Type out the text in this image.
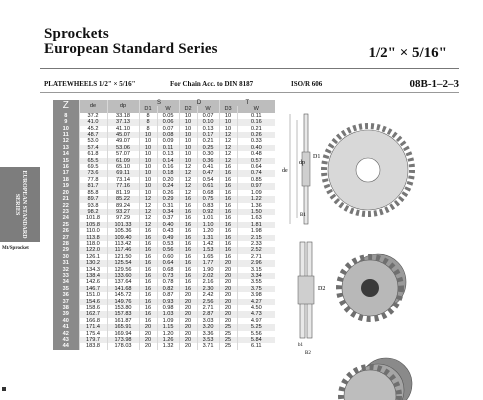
Sprockets
European Standard Series	1/2" × 5/16"
PLATEWHEELS 1/2" × 5/16"	For Chain Acc. to DIN 8187	ISO/R 606	08B-1–2–3
EUROPEAN STANDARD SERIES
Mt/Sprocket
Z	de	dp	S		D		T	
			D1	W	D2	W	D3	W
8	37.2	33.18	8	0.05	10	0.07	10	0.11
9	41.0	37.13	8	0.06	10	0.10	10	0.16
10	45.2	41.10	8	0.07	10	0.13	10	0.21
11	48.7	45.07	10	0.08	10	0.17	12	0.26
12	53.0	49.07	10	0.09	10	0.21	12	0.33
13	57.4	53.06	10	0.11	10	0.25	12	0.40
14	61.8	57.07	10	0.13	10	0.30	12	0.48
15	65.5	61.09	10	0.14	10	0.36	12	0.57
16	69.5	65.10	10	0.16	12	0.41	16	0.64
17	73.6	69.11	10	0.18	12	0.47	16	0.74
18	77.8	73.14	10	0.20	12	0.54	16	0.85
19	81.7	77.16	10	0.24	12	0.61	16	0.97
20	85.8	81.19	10	0.26	12	0.68	16	1.09
21	89.7	85.22	12	0.29	16	0.75	16	1.22
22	93.8	89.24	12	0.31	16	0.83	16	1.36
23	98.2	93.27	12	0.34	16	0.92	16	1.50
24	101.8	97.29	12	0.37	16	1.01	16	1.63
25	105.8	101.33	12	0.40	16	1.10	16	1.81
26	110.0	105.36	16	0.43	16	1.20	16	1.98
27	113.8	109.40	16	0.49	16	1.31	16	2.15
28	118.0	113.42	16	0.53	16	1.42	16	2.33
29	122.0	117.46	16	0.56	16	1.53	16	2.52
30	126.1	121.50	16	0.60	16	1.65	16	2.71
31	130.2	125.54	16	0.64	16	1.77	20	2.96
32	134.3	129.56	16	0.68	16	1.90	20	3.15
33	138.4	133.60	16	0.73	16	2.02	20	3.34
34	142.6	137.64	16	0.78	16	2.16	20	3.55
35	146.7	141.68	16	0.82	16	2.30	20	3.75
36	151.0	145.72	16	0.87	20	2.42	20	3.98
37	154.6	149.76	16	0.93	20	2.56	20	4.27
38	158.6	153.80	16	0.98	20	2.71	20	4.50
39	162.7	157.83	16	1.03	20	2.87	20	4.73
40	166.8	161.87	16	1.09	20	3.03	20	4.97
41	171.4	165.91	20	1.15	20	3.20	25	5.25
42	175.4	169.94	20	1.20	20	3.36	25	5.56
43	179.7	173.98	20	1.26	20	3.53	25	5.84
44	183.8	178.03	20	1.32	20	3.71	25	6.11
de
dp
D1
B1
D2
b1
B2
